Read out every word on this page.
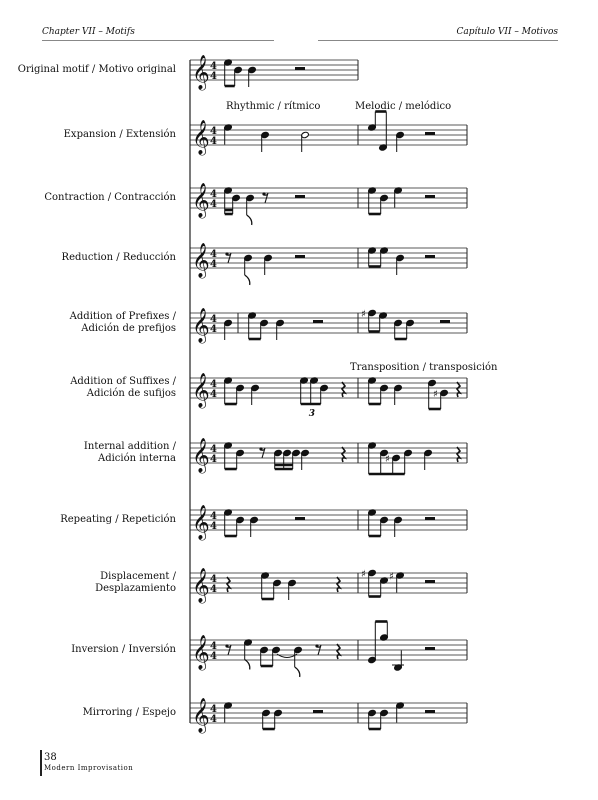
Chapter VII – Motifs	Capítulo VII – Motivos
Rhythmic / rítmico	Melodic / melódico
Transposition / transposición
Original motif / Motivo original
Expansion / Extensión
Contraction / Contracción
Reduction / Reducción
Addition of Prefixes /
Adición de prefijos
Addition of Suffixes /
Adición de sufijos
Internal addition /
Adición interna
Repeating / Repetición
Displacement /
Desplazamiento
Inversion / Inversión
Mirroring / Espejo
𝄞 4
4
𝄞 4
4
𝄞 4
4
𝄞 4
4
𝄞 4
4
𝄞 4
4
𝄞 4
4
𝄞 4
4
𝄞 4
4
𝄞 4
4
𝄞 4
4
♯
3
♯
♯
♯ ♯
38
Modern Improvisation
